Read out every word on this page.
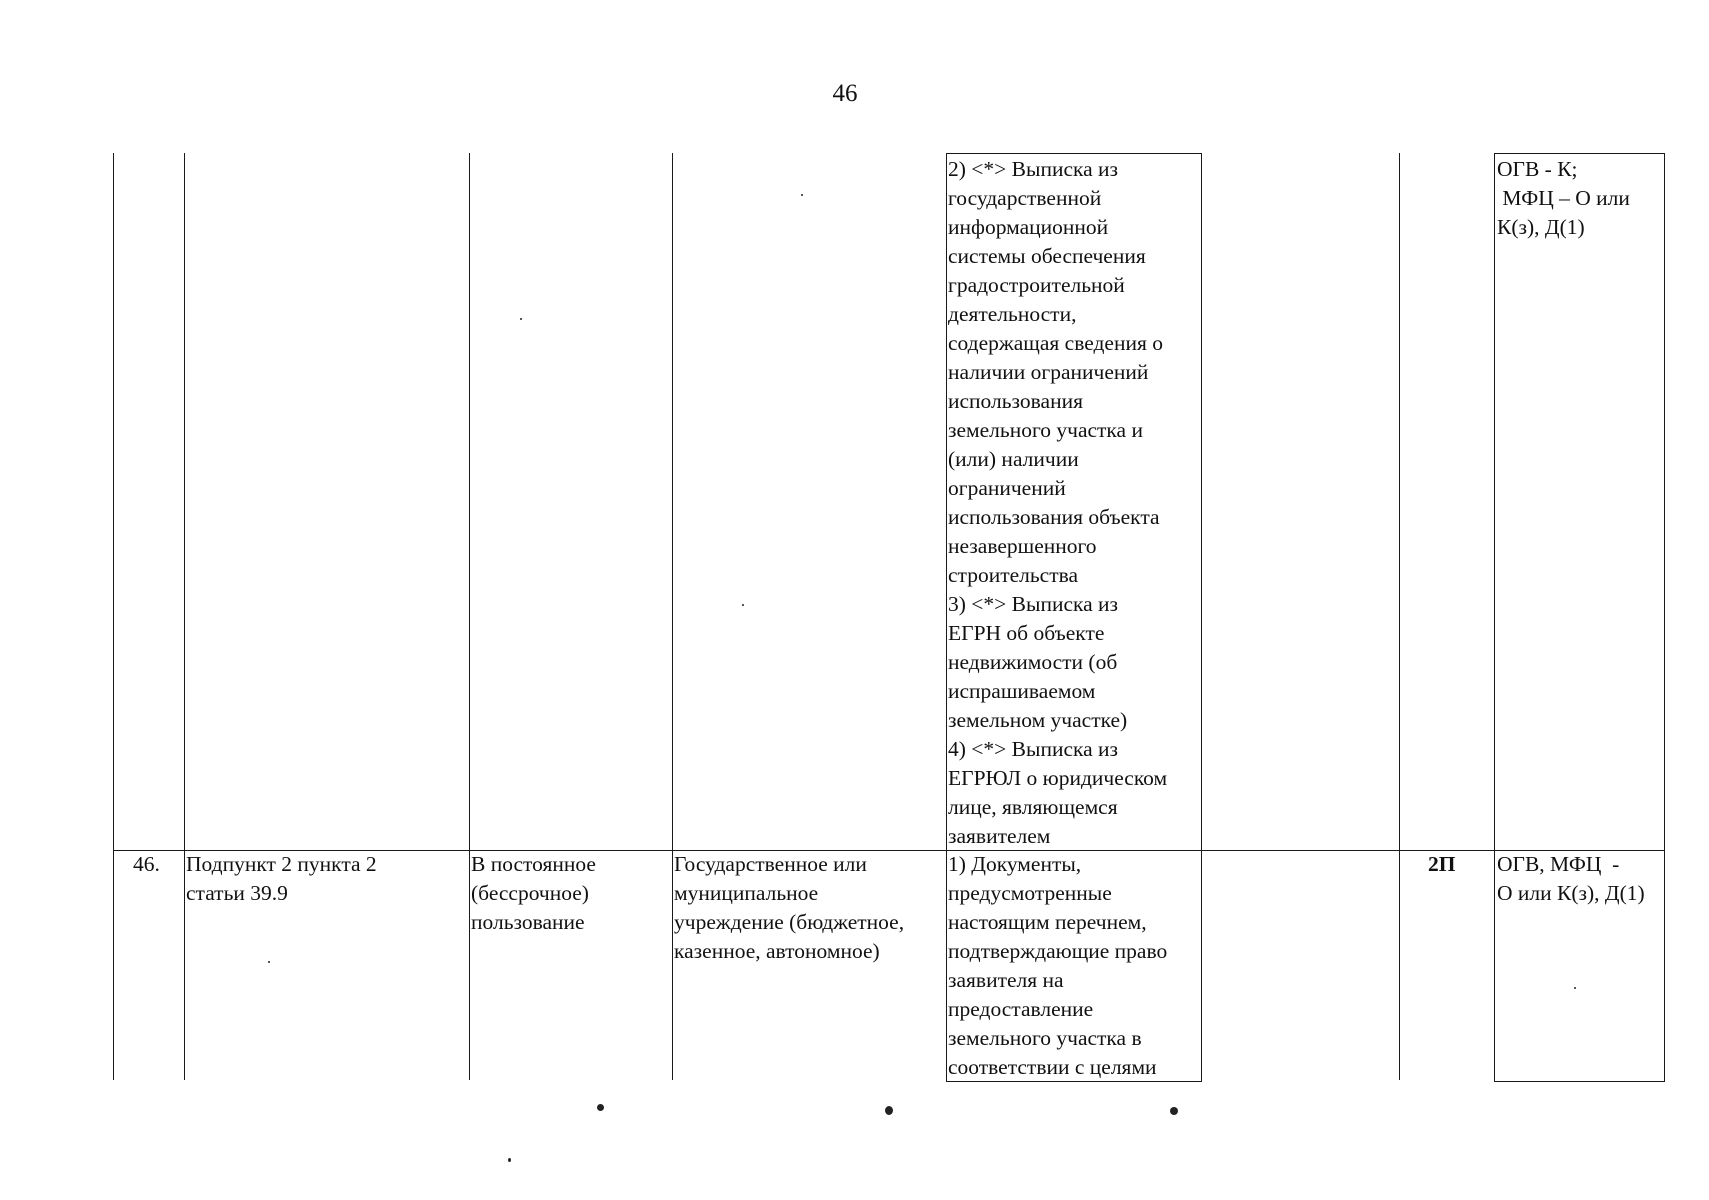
46
2) <*> Выписка из
государственной
информационной
системы обеспечения
градостроительной
деятельности,
содержащая сведения о
наличии ограничений
использования
земельного участка и
(или) наличии
ограничений
использования объекта
незавершенного
строительства
3) <*> Выписка из
ЕГРН об объекте
недвижимости (об
испрашиваемом
земельном участке)
4) <*> Выписка из
ЕГРЮЛ о юридическом
лице, являющемся
заявителем
ОГВ - К;
МФЦ – О или
К(з), Д(1)
46. Подпункт 2 пункта 2
статьи 39.9
В постоянное
(бессрочное)
пользование
Государственное или
муниципальное
учреждение (бюджетное,
казенное, автономное)
1) Документы,
предусмотренные
настоящим перечнем,
подтверждающие право
заявителя на
предоставление
земельного участка в
соответствии с целями
2П ОГВ, МФЦ  -
О или К(з), Д(1)
